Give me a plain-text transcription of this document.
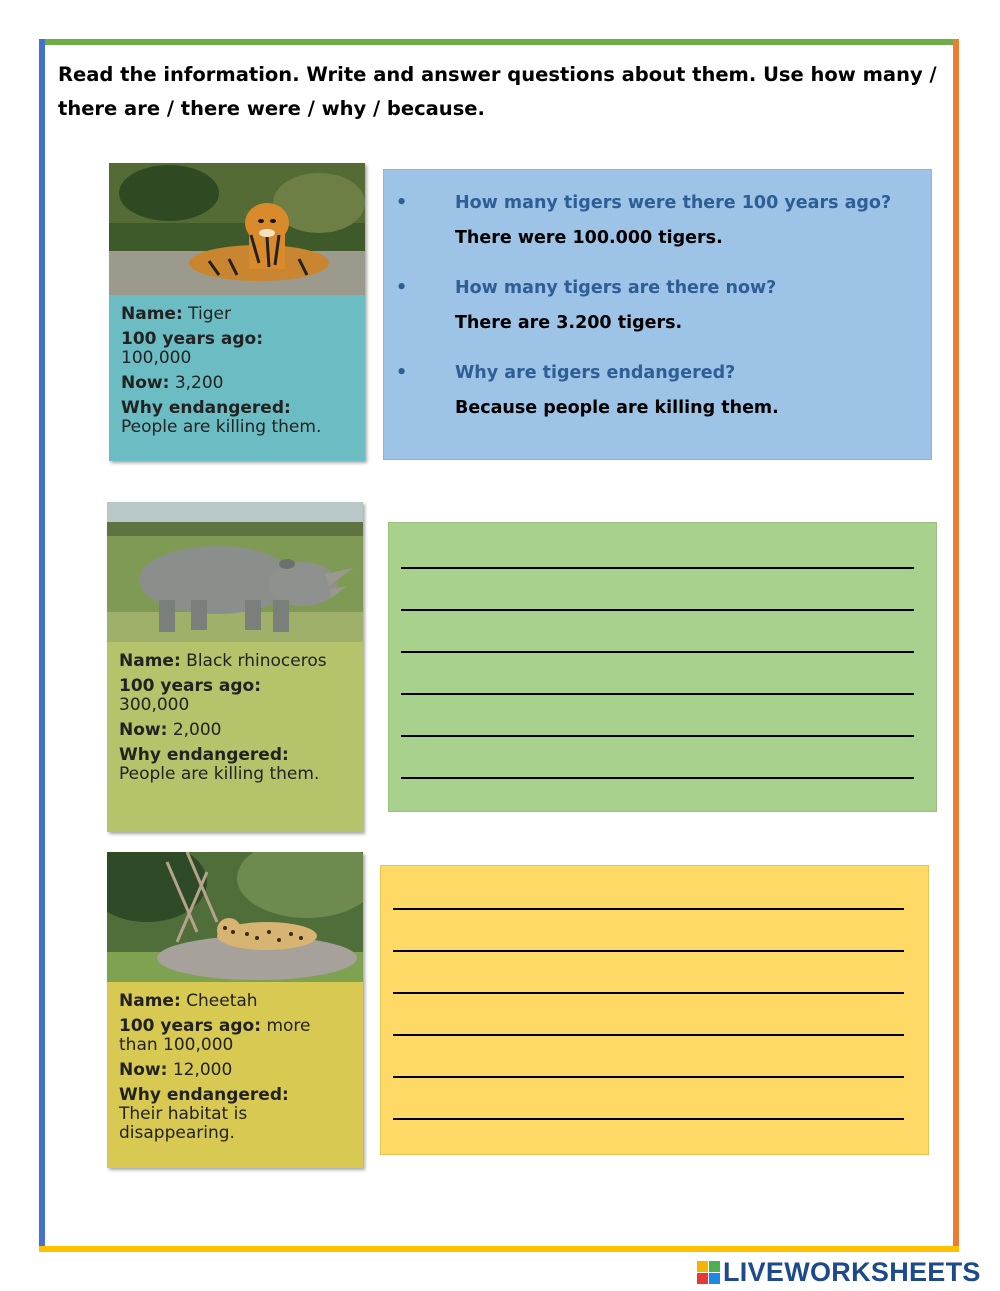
Read the information. Write and answer questions about them. Use how many / there are / there were / why / because.

Name: Tiger

100 years ago:
100,000

Now: 3,200

Why endangered:
People are killing them.

Name: Black rhinoceros

100 years ago:
300,000

Now: 2,000

Why endangered:
People are killing them.

Name: Cheetah

100 years ago: more than 100,000

Now: 12,000

Why endangered:
Their habitat is disappearing.

• How many tigers were there 100 years ago?
There were 100.000 tigers.
• How many tigers are there now?
There are 3.200 tigers.
• Why are tigers endangered?
Because people are killing them.
LIVEWORKSHEETS
